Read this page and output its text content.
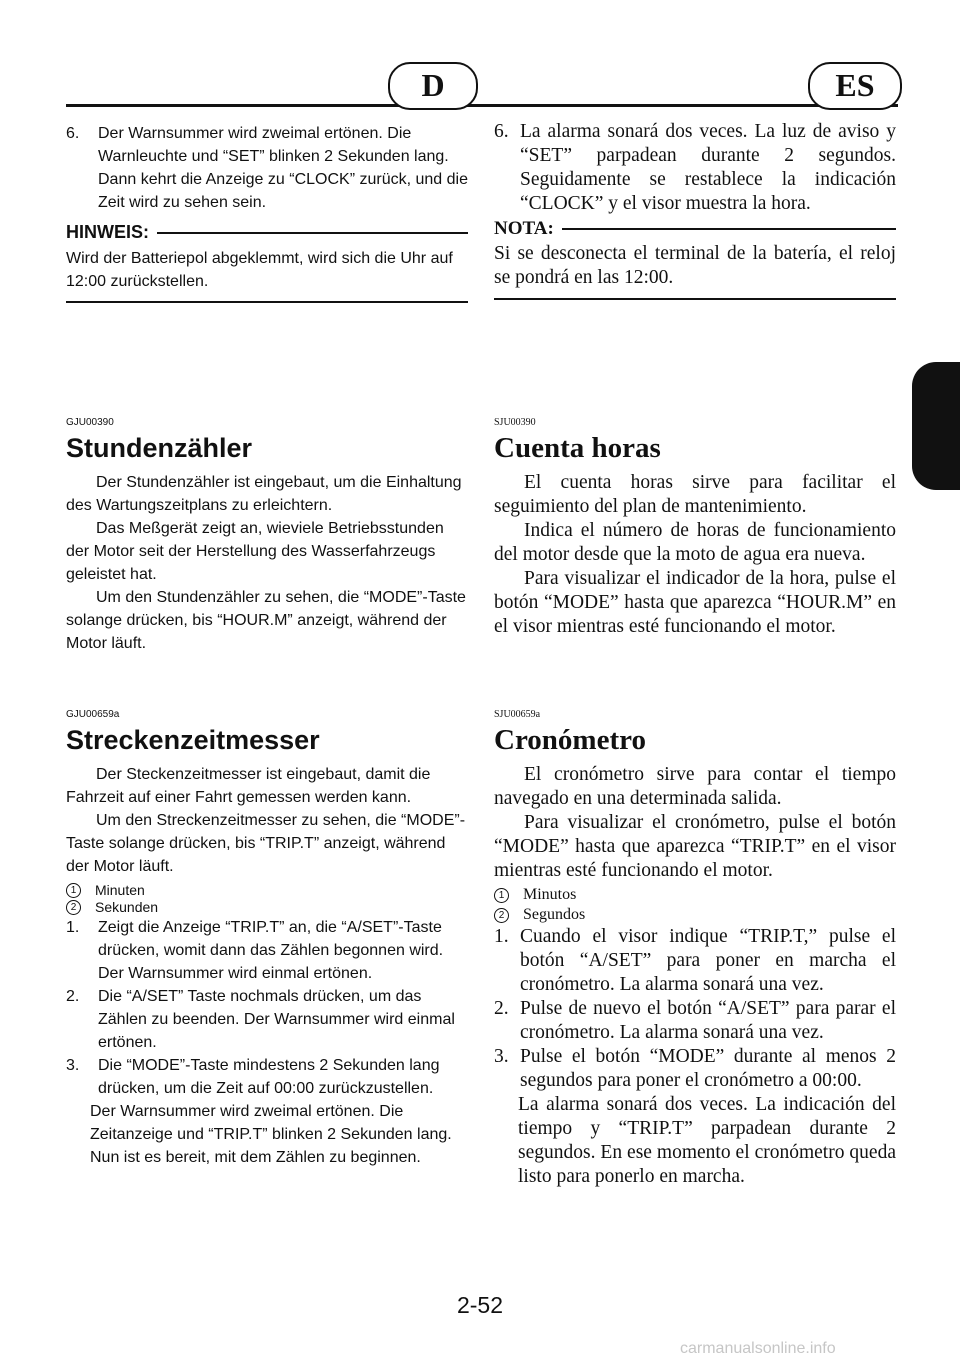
D	ES
6. Der Warnsummer wird zweimal ertönen. Die Warnleuchte und “SET” blinken 2 Sekunden lang. Dann kehrt die Anzeige zu “CLOCK” zurück, und die Zeit wird zu sehen sein.
HINWEIS:

Wird der Batteriepol abgeklemmt, wird sich die Uhr auf 12:00 zurückstellen.

6. La alarma sonará dos veces. La luz de aviso y “SET” parpadean durante 2 segundos. Seguidamente se restablece la indicación “CLOCK” y el visor muestra la hora.
NOTA:

Si se desconecta el terminal de la batería, el reloj se pondrá en las 12:00.

GJU00390
Stundenzähler

Der Stundenzähler ist eingebaut, um die Einhaltung des Wartungszeitplans zu erleichtern.

Das Meßgerät zeigt an, wieviele Betriebsstunden der Motor seit der Herstellung des Wasserfahrzeugs geleistet hat.

Um den Stundenzähler zu sehen, die “MODE”-Taste solange drücken, bis “HOUR.M” anzeigt, während der Motor läuft.

SJU00390
Cuenta horas

El cuenta horas sirve para facilitar el seguimiento del plan de mantenimiento.

Indica el número de horas de funcionamiento del motor desde que la moto de agua era nueva.

Para visualizar el indicador de la hora, pulse el botón “MODE” hasta que aparezca “HOUR.M” en el visor mientras esté funcionando el motor.

GJU00659a
Streckenzeitmesser

Der Steckenzeitmesser ist eingebaut, damit die Fahrzeit auf einer Fahrt gemessen werden kann.

Um den Streckenzeitmesser zu sehen, die “MODE”-Taste solange drücken, bis “TRIP.T” anzeigt, während der Motor läuft.

1	Minuten
2	Sekunden
1. Zeigt die Anzeige “TRIP.T” an, die “A/SET”-Taste drücken, womit dann das Zählen begonnen wird. Der Warnsummer wird einmal ertönen.
2. Die “A/SET” Taste nochmals drücken, um das Zählen zu beenden. Der Warnsummer wird einmal ertönen.
3. Die “MODE”-Taste mindestens 2 Sekunden lang drücken, um die Zeit auf 00:00 zurückzustellen.

Der Warnsummer wird zweimal ertönen. Die Zeitanzeige und “TRIP.T” blinken 2 Sekunden lang. Nun ist es bereit, mit dem Zählen zu beginnen.

SJU00659a
Cronómetro

El cronómetro sirve para contar el tiempo navegado en una determinada salida.

Para visualizar el cronómetro, pulse el botón “MODE” hasta que aparezca “TRIP.T” en el visor mientras esté funcionando el motor.

1 Minutos
2 Segundos
1. Cuando el visor indique “TRIP.T,” pulse el botón “A/SET” para poner en marcha el cronómetro. La alarma sonará una vez.
2. Pulse de nuevo el botón “A/SET” para parar el cronómetro. La alarma sonará una vez.
3. Pulse el botón “MODE” durante al menos 2 segundos para poner el cronómetro a 00:00.

La alarma sonará dos veces. La indicación del tiempo y “TRIP.T” parpadean durante 2 segundos. En ese momento el cronómetro queda listo para ponerlo en marcha.

2-52
carmanualsonline.info
